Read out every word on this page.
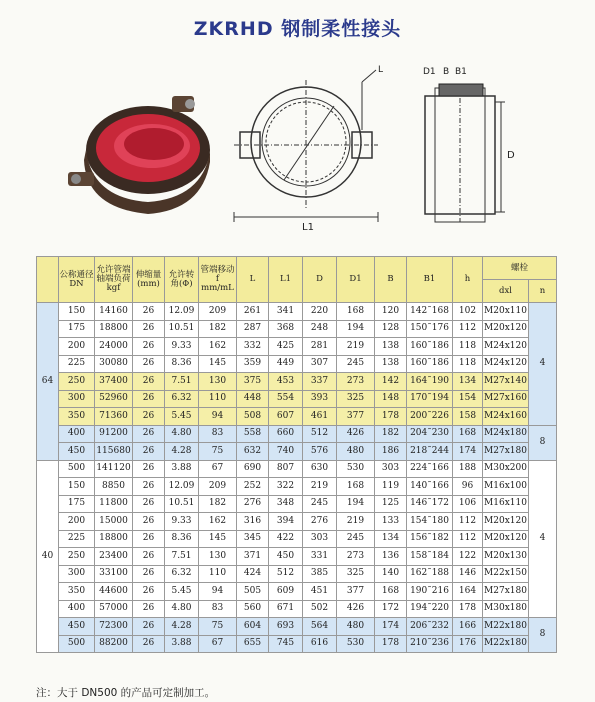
ZKRHD 钢制柔性接头
L1
L	D1 B B1
D
	公称通径DN	允许管端轴端负荷kgf	伸缩量(mm)	允许转角(Φ)	管端移动f mm/mL	L	L1	D	D1	B	B1	h	螺栓	
													dxl	n
64	150	14160	26	12.09	209	261	341	220	168	120	142˜168	102	M20x110	4
	175	18800	26	10.51	182	287	368	248	194	128	150˜176	112	M20x120	
	200	24000	26	9.33	162	332	425	281	219	138	160˜186	118	M24x120	
	225	30080	26	8.36	145	359	449	307	245	138	160˜186	118	M24x120	
	250	37400	26	7.51	130	375	453	337	273	142	164˜190	134	M27x140	
	300	52960	26	6.32	110	448	554	393	325	148	170˜194	154	M27x160	
	350	71360	26	5.45	94	508	607	461	377	178	200˜226	158	M24x160	
	400	91200	26	4.80	83	558	660	512	426	182	204˜230	168	M24x180	8
	450	115680	26	4.28	75	632	740	576	480	186	218˜244	174	M27x180	
40	500	141120	26	3.88	67	690	807	630	530	303	224˜166	188	M30x200	4
	150	8850	26	12.09	209	252	322	219	168	119	140˜166	96	M16x100	
	175	11800	26	10.51	182	276	348	245	194	125	146˜172	106	M16x110	
	200	15000	26	9.33	162	316	394	276	219	133	154˜180	112	M20x120	
	225	18800	26	8.36	145	345	422	303	245	134	156˜182	112	M20x120	
	250	23400	26	7.51	130	371	450	331	273	136	158˜184	122	M20x130	
	300	33100	26	6.32	110	424	512	385	325	140	162˜188	146	M22x150	
	350	44600	26	5.45	94	505	609	451	377	168	190˜216	164	M27x180	
	400	57000	26	4.80	83	560	671	502	426	172	194˜220	178	M30x180	
	450	72300	26	4.28	75	604	693	564	480	174	206˜232	166	M22x180	8
	500	88200	26	3.88	67	655	745	616	530	178	210˜236	176	M22x180	
注：大于 DN500 的产品可定制加工。
